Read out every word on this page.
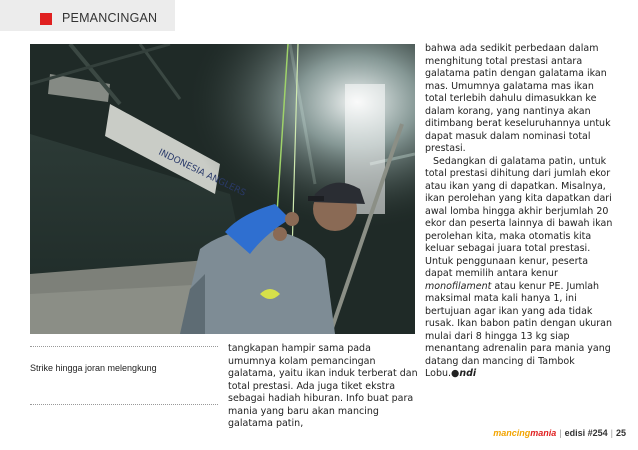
PEMANCINGAN
Strike hingga joran melengkung

tangkapan hampir sama pada umumnya kolam pemancingan galatama, yaitu ikan induk terberat dan total prestasi. Ada juga tiket ekstra sebagai hadiah hiburan. Info buat para mania yang baru akan mancing galatama patin,

bahwa ada sedikit perbedaan dalam menghitung total prestasi antara galatama patin dengan galatama ikan mas. Umumnya galatama mas ikan total terlebih dahulu dimasukkan ke dalam korang, yang nantinya akan ditimbang berat keseluruhannya untuk dapat masuk dalam nominasi total prestasi.

Sedangkan di galatama patin, untuk total prestasi dihitung dari jumlah ekor atau ikan yang di dapatkan. Misalnya, ikan perolehan yang kita dapatkan dari awal lomba hingga akhir berjumlah 20 ekor dan peserta lainnya di bawah ikan perolehan kita, maka otomatis kita keluar sebagai juara total prestasi.

Untuk penggunaan kenur, peserta dapat memilih antara kenur monofilament atau kenur PE. Jumlah maksimal mata kali hanya 1, ini bertujuan agar ikan yang ada tidak rusak. Ikan babon patin dengan ukuran mulai dari 8 hingga 13 kg siap menantang adrenalin para mania yang datang dan mancing di Tambok Lobu.●ndi

mancingmania | edisi #254 | 25
